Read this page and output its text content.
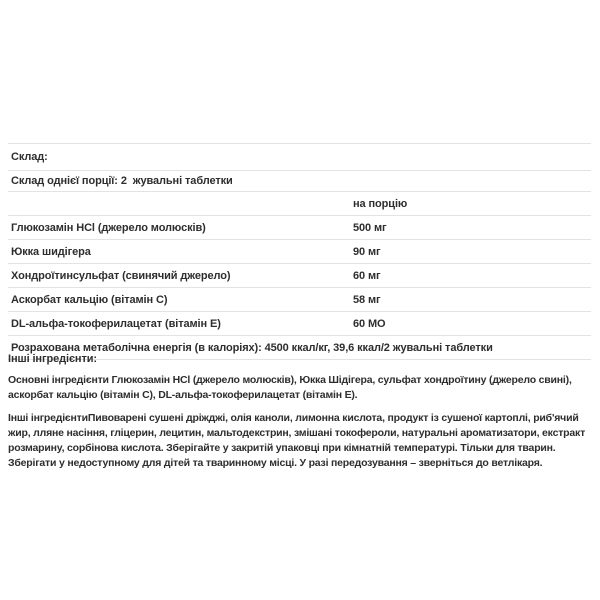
Склад:
Склад однієї порції: 2  жувальні таблетки
на порцію
Глюкозамін HCl (джерело молюсків)	500 мг
Юкка шидігера	90 мг
Хондроїтинсульфат (свинячий джерело)	60 мг
Аскорбат кальцію (вітамін C)	58 мг
DL-альфа-токоферилацетат (вітамін E)	60 МО
Розрахована метаболічна енергія (в калоріях): 4500 ккал/кг, 39,6 ккал/2 жувальні таблетки
Інші інгредієнти:

Основні інгредієнти Глюкозамін HCl (джерело молюсків), Юкка Шідігера, сульфат хондроїтину (джерело свині), аскорбат кальцію (вітамін C), DL-альфа-токоферилацетат (вітамін E).

Інші інгредієнтиПивоварені сушені дріжджі, олія каноли, лимонна кислота, продукт із сушеної картоплі, риб'ячий жир, лляне насіння, гліцерин, лецитин, мальтодекстрин, змішані токофероли, натуральні ароматизатори, екстракт розмарину, сорбінова кислота. Зберігайте у закритій упаковці при кімнатній температурі. Тільки для тварин. Зберігати у недоступному для дітей та тваринному місці. У разі передозування – зверніться до ветлікаря.
